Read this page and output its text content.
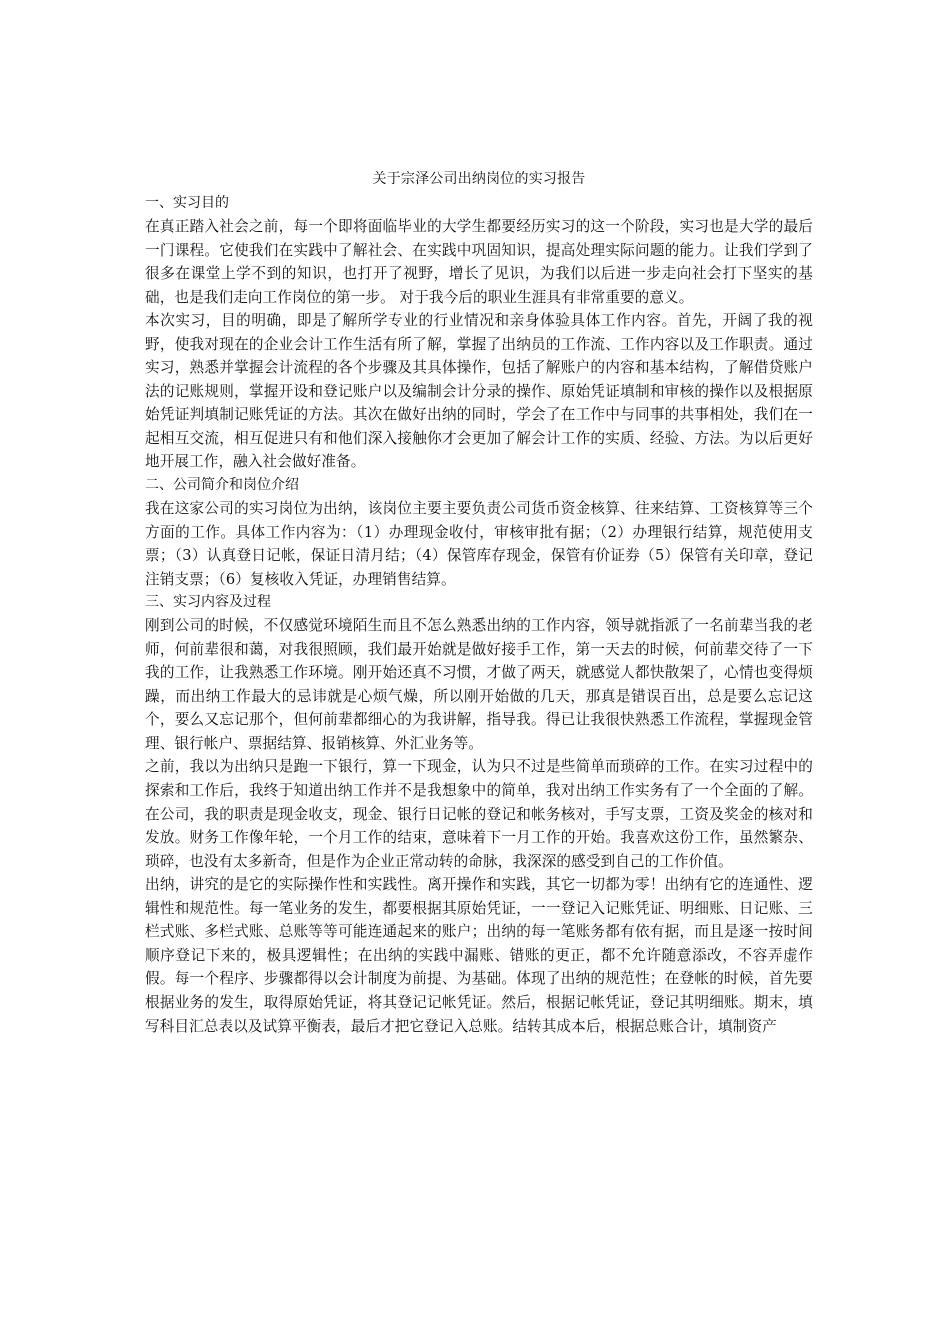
关于宗泽公司出纳岗位的实习报告
一、实习目的

在真正踏入社会之前，每一个即将面临毕业的大学生都要经历实习的这一个阶段，实习也是大学的最后一门课程。它使我们在实践中了解社会、在实践中巩固知识，提高处理实际问题的能力。让我们学到了很多在课堂上学不到的知识，也打开了视野，增长了见识，为我们以后进一步走向社会打下坚实的基础，也是我们走向工作岗位的第一步。 对于我今后的职业生涯具有非常重要的意义。

本次实习，目的明确，即是了解所学专业的行业情况和亲身体验具体工作内容。首先，开阔了我的视野，使我对现在的企业会计工作生活有所了解，掌握了出纳员的工作流、工作内容以及工作职责。通过实习，熟悉并掌握会计流程的各个步骤及其具体操作，包括了解账户的内容和基本结构，了解借贷账户法的记账规则，掌握开设和登记账户以及编制会计分录的操作、原始凭证填制和审核的操作以及根据原始凭证判填制记账凭证的方法。其次在做好出纳的同时，学会了在工作中与同事的共事相处，我们在一起相互交流，相互促进只有和他们深入接触你才会更加了解会计工作的实质、经验、方法。为以后更好地开展工作，融入社会做好准备。

二、公司简介和岗位介绍

我在这家公司的实习岗位为出纳，该岗位主要主要负责公司货币资金核算、往来结算、工资核算等三个方面的工作。具体工作内容为：（1）办理现金收付，审核审批有据；（2）办理银行结算，规范使用支票；（3）认真登日记帐，保证日清月结；（4）保管库存现金，保管有价证券（5）保管有关印章，登记注销支票；（6）复核收入凭证，办理销售结算。

三、实习内容及过程

刚到公司的时候，不仅感觉环境陌生而且不怎么熟悉出纳的工作内容，领导就指派了一名前辈当我的老师，何前辈很和蔼，对我很照顾，我们最开始就是做好接手工作，第一天去的时候，何前辈交待了一下我的工作，让我熟悉工作环境。刚开始还真不习惯，才做了两天，就感觉人都快散架了，心情也变得烦躁，而出纳工作最大的忌讳就是心烦气燥，所以刚开始做的几天，那真是错误百出，总是要么忘记这个，要么又忘记那个，但何前辈都细心的为我讲解，指导我。得已让我很快熟悉工作流程，掌握现金管理、银行帐户、票据结算、报销核算、外汇业务等。

之前，我以为出纳只是跑一下银行，算一下现金，认为只不过是些简单而琐碎的工作。在实习过程中的探索和工作后，我终于知道出纳工作并不是我想象中的简单，我对出纳工作实务有了一个全面的了解。在公司，我的职责是现金收支，现金、银行日记帐的登记和帐务核对，手写支票，工资及奖金的核对和发放。财务工作像年轮，一个月工作的结束，意味着下一月工作的开始。我喜欢这份工作，虽然繁杂、琐碎，也没有太多新奇，但是作为企业正常动转的命脉，我深深的感受到自己的工作价值。

出纳，讲究的是它的实际操作性和实践性。离开操作和实践，其它一切都为零！出纳有它的连通性、逻辑性和规范性。每一笔业务的发生，都要根据其原始凭证，一一登记入记账凭证、明细账、日记账、三栏式账、多栏式账、总账等等可能连通起来的账户；出纳的每一笔账务都有依有据，而且是逐一按时间顺序登记下来的，极具逻辑性；在出纳的实践中漏账、错账的更正，都不允许随意添改，不容弄虚作假。每一个程序、步骤都得以会计制度为前提、为基础。体现了出纳的规范性；在登帐的时候，首先要根据业务的发生，取得原始凭证，将其登记记帐凭证。然后，根据记帐凭证，登记其明细账。期末，填写科目汇总表以及试算平衡表，最后才把它登记入总账。结转其成本后，根据总账合计，填制资产
